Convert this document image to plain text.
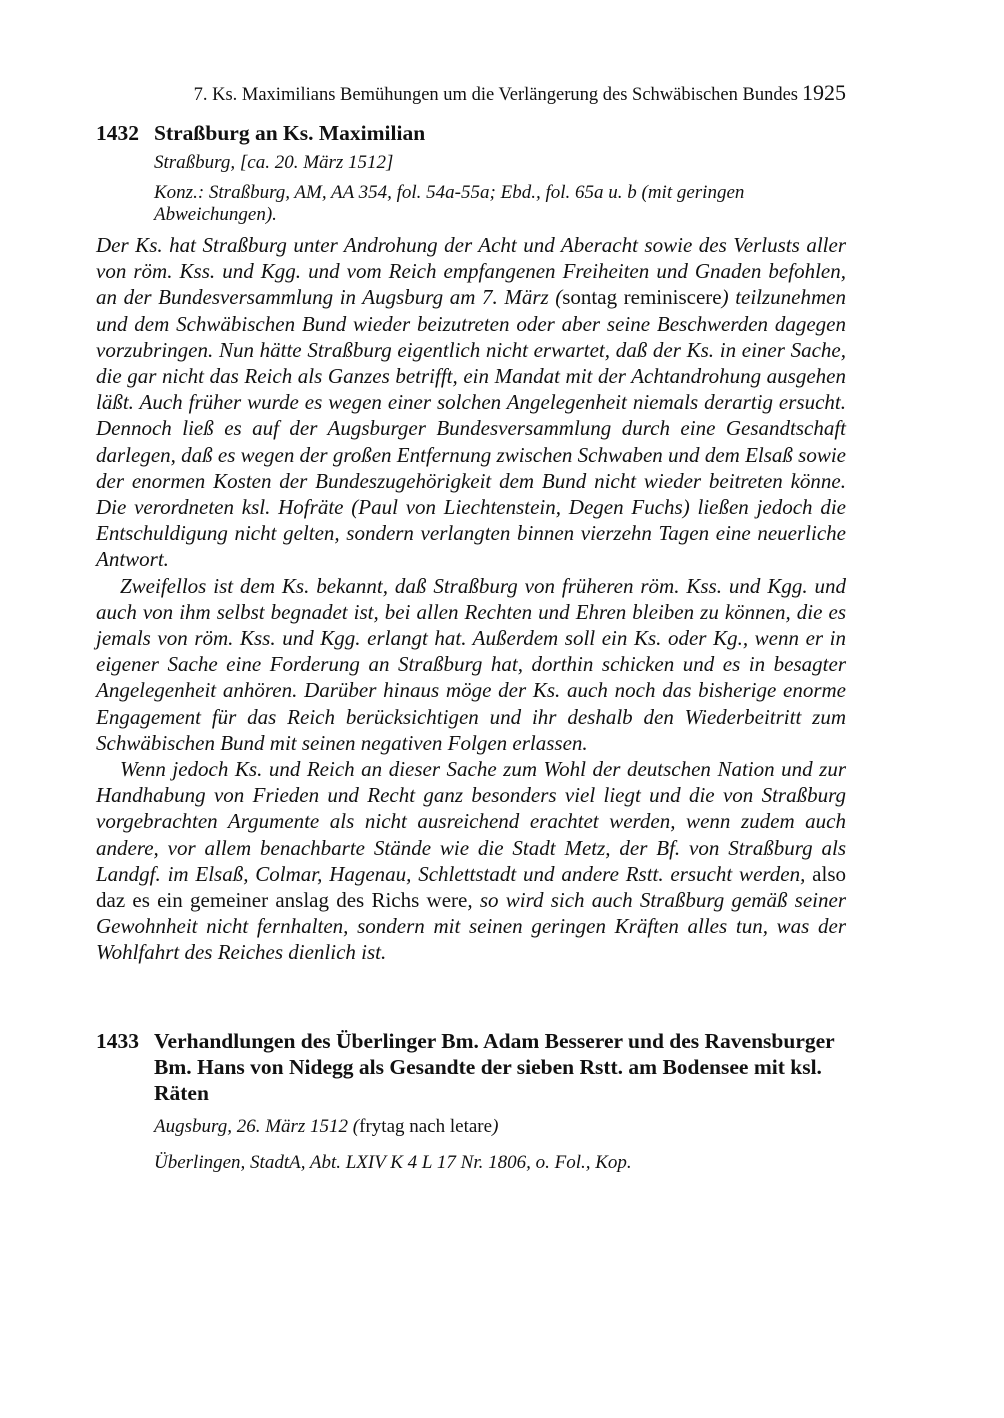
7. Ks. Maximilians Bemühungen um die Verlängerung des Schwäbischen Bundes 1925
1432 Straßburg an Ks. Maximilian
Straßburg, [ca. 20. März 1512]
Konz.: Straßburg, AM, AA 354, fol. 54a-55a; Ebd., fol. 65a u. b (mit geringen Abweichungen).

Der Ks. hat Straßburg unter Androhung der Acht und Aberacht sowie des Verlusts aller von röm. Kss. und Kgg. und vom Reich empfangenen Freiheiten und Gnaden befohlen, an der Bundesversammlung in Augsburg am 7. März (sontag reminiscere) teilzunehmen und dem Schwäbischen Bund wieder beizutreten oder aber seine Beschwerden dagegen vorzubringen. Nun hätte Straßburg eigentlich nicht erwartet, daß der Ks. in einer Sache, die gar nicht das Reich als Ganzes betrifft, ein Mandat mit der Achtandrohung ausgehen läßt. Auch früher wurde es wegen einer solchen Angelegenheit niemals derartig ersucht. Dennoch ließ es auf der Augsburger Bundesversammlung durch eine Gesandtschaft darlegen, daß es wegen der großen Entfernung zwischen Schwaben und dem Elsaß sowie der enormen Kosten der Bundeszugehörigkeit dem Bund nicht wieder beitreten könne. Die verordneten ksl. Hofräte (Paul von Liechtenstein, Degen Fuchs) ließen jedoch die Entschuldigung nicht gelten, sondern verlangten binnen vierzehn Tagen eine neuerliche Antwort.

Zweifellos ist dem Ks. bekannt, daß Straßburg von früheren röm. Kss. und Kgg. und auch von ihm selbst begnadet ist, bei allen Rechten und Ehren bleiben zu können, die es jemals von röm. Kss. und Kgg. erlangt hat. Außerdem soll ein Ks. oder Kg., wenn er in eigener Sache eine Forderung an Straßburg hat, dorthin schicken und es in besagter Angelegenheit anhören. Darüber hinaus möge der Ks. auch noch das bisherige enorme Engagement für das Reich berücksichtigen und ihr deshalb den Wiederbeitritt zum Schwäbischen Bund mit seinen negativen Folgen erlassen.

Wenn jedoch Ks. und Reich an dieser Sache zum Wohl der deutschen Nation und zur Handhabung von Frieden und Recht ganz besonders viel liegt und die von Straßburg vorgebrachten Argumente als nicht ausreichend erachtet werden, wenn zudem auch andere, vor allem benachbarte Stände wie die Stadt Metz, der Bf. von Straßburg als Landgf. im Elsaß, Colmar, Hagenau, Schlettstadt und andere Rstt. ersucht werden, also daz es ein gemeiner anslag des Richs were, so wird sich auch Straßburg gemäß seiner Gewohnheit nicht fernhalten, sondern mit seinen geringen Kräften alles tun, was der Wohlfahrt des Reiches dienlich ist.

1433 Verhandlungen des Überlinger Bm. Adam Besserer und des Ravensburger Bm. Hans von Nidegg als Gesandte der sieben Rstt. am Bodensee mit ksl. Räten
Augsburg, 26. März 1512 (frytag nach letare)
Überlingen, StadtA, Abt. LXIV K 4 L 17 Nr. 1806, o. Fol., Kop.
